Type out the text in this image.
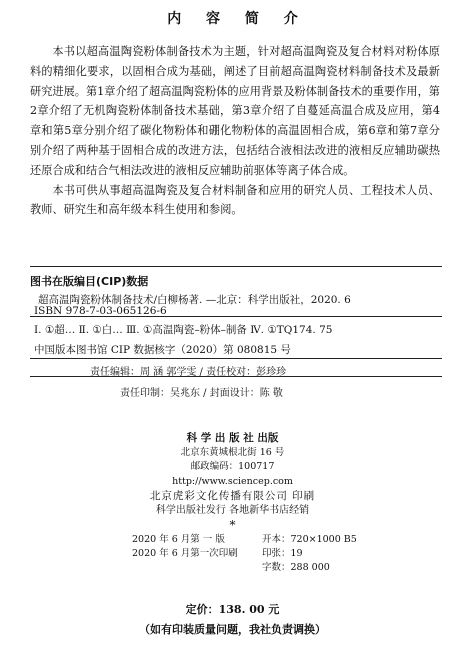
内 容 简 介

本书以超高温陶瓷粉体制备技术为主题，针对超高温陶瓷及复合材料对粉体原料的精细化要求，以固相合成为基础，阐述了目前超高温陶瓷材料制备技术及最新研究进展。第1章介绍了超高温陶瓷粉体的应用背景及粉体制备技术的重要作用，第2章介绍了无机陶瓷粉体制备技术基础，第3章介绍了自蔓延高温合成及应用，第4章和第5章分别介绍了碳化物粉体和硼化物粉体的高温固相合成，第6章和第7章分别介绍了两种基于固相合成的改进方法，包括结合液相法改进的液相反应辅助碳热还原合成和结合气相法改进的液相反应辅助前驱体等离子体合成。

本书可供从事超高温陶瓷及复合材料制备和应用的研究人员、工程技术人员、教师、研究生和高年级本科生使用和参阅。

图书在版编目(CIP)数据
超高温陶瓷粉体制备技术/白柳杨著. —北京：科学出版社，2020. 6
ISBN 978-7-03-065126-6
Ⅰ. ①超… Ⅱ. ①白… Ⅲ. ①高温陶瓷–粉体–制备 Ⅳ. ①TQ174. 75
中国版本图书馆 CIP 数据核字（2020）第 080815 号
责任编辑：周 涵 郭学雯 / 责任校对：彭珍珍
责任印制：吴兆东 / 封面设计：陈 敬
科 学 出 版 社 出版
北京东黄城根北街 16 号
邮政编码：100717
http://www.sciencep.com
北京虎彩文化传播有限公司 印刷
科学出版社发行 各地新华书店经销
*
2020 年 6 月第 一 版	开本：720×1000 B5
2020 年 6 月第一次印刷	印张：19
字数：288 000
定价：138. 00 元
（如有印装质量问题，我社负责调换）
